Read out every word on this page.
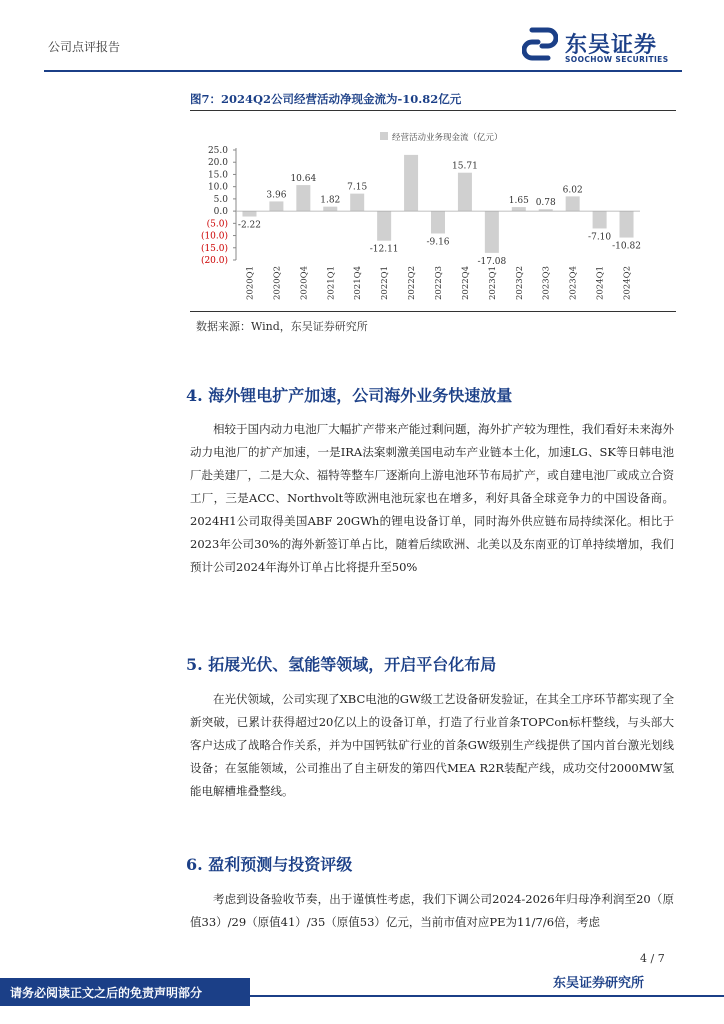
公司点评报告	东吴证券
SOOCHOW SECURITIES
图7：2024Q2公司经营活动净现金流为-10.82亿元
经营活动业务现金流（亿元）
25.0
20.0
15.0
10.0
5.0
0.0
(5.0)
(10.0)
(15.0)
(20.0)
-2.22
2020Q1
3.96
2020Q2
10.64
2020Q4
1.82
2021Q1
7.15
2021Q4
-12.11
2022Q1 2022Q2
-9.16
2022Q3
15.71
2022Q4
-17.08
2023Q1
1.65
2023Q2
0.78
2023Q3
6.02
2023Q4
-7.10
2024Q1
-10.82
2024Q2
数据来源：Wind，东吴证券研究所
4. 海外锂电扩产加速，公司海外业务快速放量

相较于国内动力电池厂大幅扩产带来产能过剩问题，海外扩产较为理性，我们看好未来海外动力电池厂的扩产加速，一是IRA法案刺激美国电动车产业链本土化，加速LG、SK等日韩电池厂赴美建厂，二是大众、福特等整车厂逐渐向上游电池环节布局扩产，或自建电池厂或成立合资工厂，三是ACC、Northvolt等欧洲电池玩家也在增多，利好具备全球竞争力的中国设备商。2024H1公司取得美国ABF 20GWh的锂电设备订单，同时海外供应链布局持续深化。相比于2023年公司30%的海外新签订单占比，随着后续欧洲、北美以及东南亚的订单持续增加，我们预计公司2024年海外订单占比将提升至50%

5. 拓展光伏、氢能等领域，开启平台化布局

在光伏领域，公司实现了XBC电池的GW级工艺设备研发验证，在其全工序环节都实现了全新突破，已累计获得超过20亿以上的设备订单，打造了行业首条TOPCon标杆整线，与头部大客户达成了战略合作关系，并为中国钙钛矿行业的首条GW级别生产线提供了国内首台激光划线设备；在氢能领域，公司推出了自主研发的第四代MEA R2R装配产线，成功交付2000MW氢能电解槽堆叠整线。

6. 盈利预测与投资评级

考虑到设备验收节奏，出于谨慎性考虑，我们下调公司2024-2026年归母净利润至20（原值33）/29（原值41）/35（原值53）亿元，当前市值对应PE为11/7/6倍，考虑

4 / 7
东吴证券研究所
请务必阅读正文之后的免责声明部分
